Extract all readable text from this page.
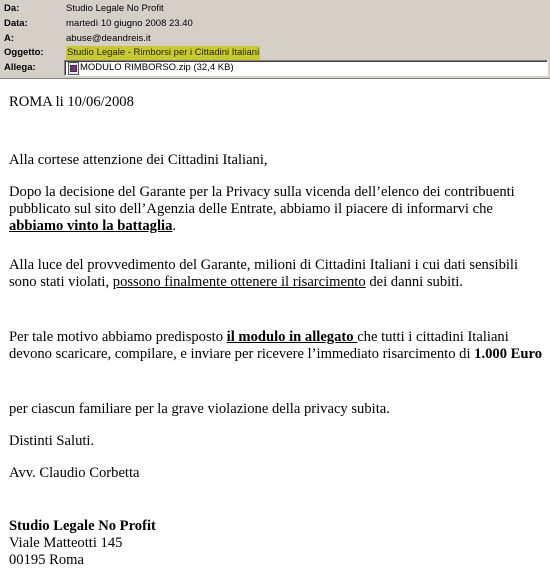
Da:	Studio Legale No Profit
Data:	martedì 10 giugno 2008 23.40
A:	abuse@deandreis.it
Oggetto: Studio Legale - Rimborsi per i Cittadini Italiani
Allega:	MODULO RIMBORSO.zip (32,4 KB)

ROMA li 10/06/2008

Alla cortese attenzione dei Cittadini Italiani,

Dopo la decisione del Garante per la Privacy sulla vicenda dell’elenco dei contribuenti pubblicato sul sito dell’Agenzia delle Entrate, abbiamo il piacere di informarvi che abbiamo vinto la battaglia.

Alla luce del provvedimento del Garante, milioni di Cittadini Italiani i cui dati sensibili sono stati violati, possono finalmente ottenere il risarcimento dei danni subiti.

Per tale motivo abbiamo predisposto il modulo in allegato che tutti i cittadini Italiani devono scaricare, compilare, e inviare per ricevere l’immediato risarcimento di 1.000 Euro

per ciascun familiare per la grave violazione della privacy subita.

Distinti Saluti.

Avv. Claudio Corbetta

Studio Legale No Profit
Viale Matteotti 145
00195 Roma
